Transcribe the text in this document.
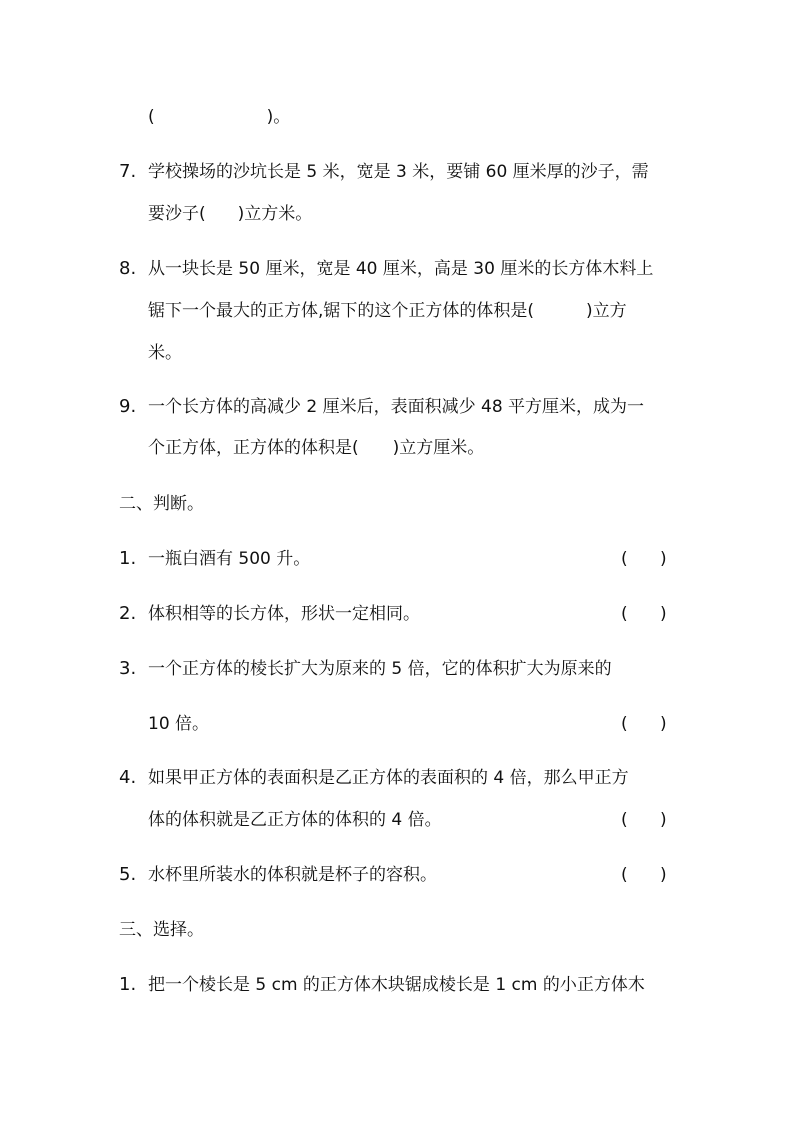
(	)。
7. 学校操场的沙坑长是 5 米，宽是 3 米，要铺 60 厘米厚的沙子，需
要沙子( )立方米。
8. 从一块长是 50 厘米，宽是 40 厘米，高是 30 厘米的长方体木料上
锯下一个最大的正方体,锯下的这个正方体的体积是(	)立方
米。
9. 一个长方体的高减少 2 厘米后，表面积减少 48 平方厘米，成为一
个正方体，正方体的体积是( )立方厘米。
二、判断。
1. 一瓶白酒有 500 升。	(      )
2. 体积相等的长方体，形状一定相同。	(      )
3. 一个正方体的棱长扩大为原来的 5 倍，它的体积扩大为原来的
10 倍。	(      )
4. 如果甲正方体的表面积是乙正方体的表面积的 4 倍，那么甲正方
体的体积就是乙正方体的体积的 4 倍。	(      )
5. 水杯里所装水的体积就是杯子的容积。	(      )
三、选择。
1. 把一个棱长是 5 cm 的正方体木块锯成棱长是 1 cm 的小正方体木
